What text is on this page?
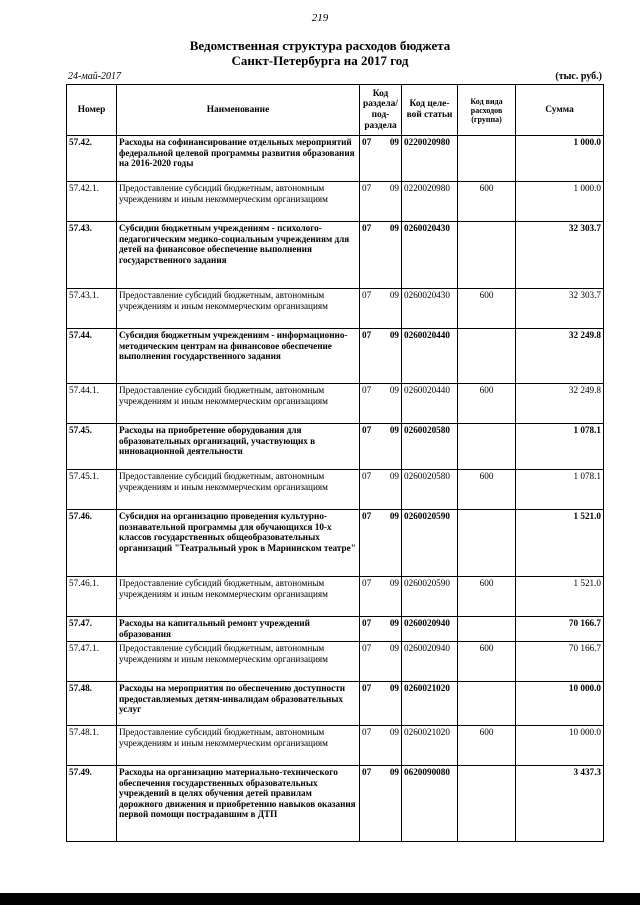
219
Ведомственная структура расходов бюджета
Санкт-Петербурга на 2017 год
24-май-2017	(тыс. руб.)
Номер	Наименование	Код раздела/ под-раздела		Код целе-вой статьи	Код вида расходов (группа)	Сумма
57.42.	Расходы на софинансирование отдельных мероприятий федеральной целевой программы развития образования на 2016-2020 годы	07	09	0220020980		1 000.0
57.42.1.	Предоставление субсидий бюджетным, автономным учреждениям и иным некоммерческим организациям	07	09	0220020980	600	1 000.0
57.43.	Субсидии бюджетным учреждениям - психолого-педагогическим медико-социальным учреждениям для детей на финансовое обеспечение выполнения государственного задания	07	09	0260020430		32 303.7
57.43.1.	Предоставление субсидий бюджетным, автономным учреждениям и иным некоммерческим организациям	07	09	0260020430	600	32 303.7
57.44.	Субсидия бюджетным учреждениям - информационно-методическим центрам на финансовое обеспечение выполнения государственного задания	07	09	0260020440		32 249.8
57.44.1.	Предоставление субсидий бюджетным, автономным учреждениям и иным некоммерческим организациям	07	09	0260020440	600	32 249.8
57.45.	Расходы на приобретение оборудования для образовательных организаций, участвующих в инновационной деятельности	07	09	0260020580		1 078.1
57.45.1.	Предоставление субсидий бюджетным, автономным учреждениям и иным некоммерческим организациям	07	09	0260020580	600	1 078.1
57.46.	Субсидия на организацию проведения культурно-познавательной программы для обучающихся 10-х классов государственных общеобразовательных организаций "Театральный урок в Мариинском театре"	07	09	0260020590		1 521.0
57.46.1.	Предоставление субсидий бюджетным, автономным учреждениям и иным некоммерческим организациям	07	09	0260020590	600	1 521.0
57.47.	Расходы на капитальный ремонт учреждений образования	07	09	0260020940		70 166.7
57.47.1.	Предоставление субсидий бюджетным, автономным учреждениям и иным некоммерческим организациям	07	09	0260020940	600	70 166.7
57.48.	Расходы на мероприятия по обеспечению доступности предоставляемых детям-инвалидам образовательных услуг	07	09	0260021020		10 000.0
57.48.1.	Предоставление субсидий бюджетным, автономным учреждениям и иным некоммерческим организациям	07	09	0260021020	600	10 000.0
57.49.	Расходы на организацию материально-технического обеспечения государственных образовательных учреждений в целях обучения детей правилам дорожного движения и приобретению навыков оказания первой помощи пострадавшим в ДТП	07	09	0620090080		3 437.3
